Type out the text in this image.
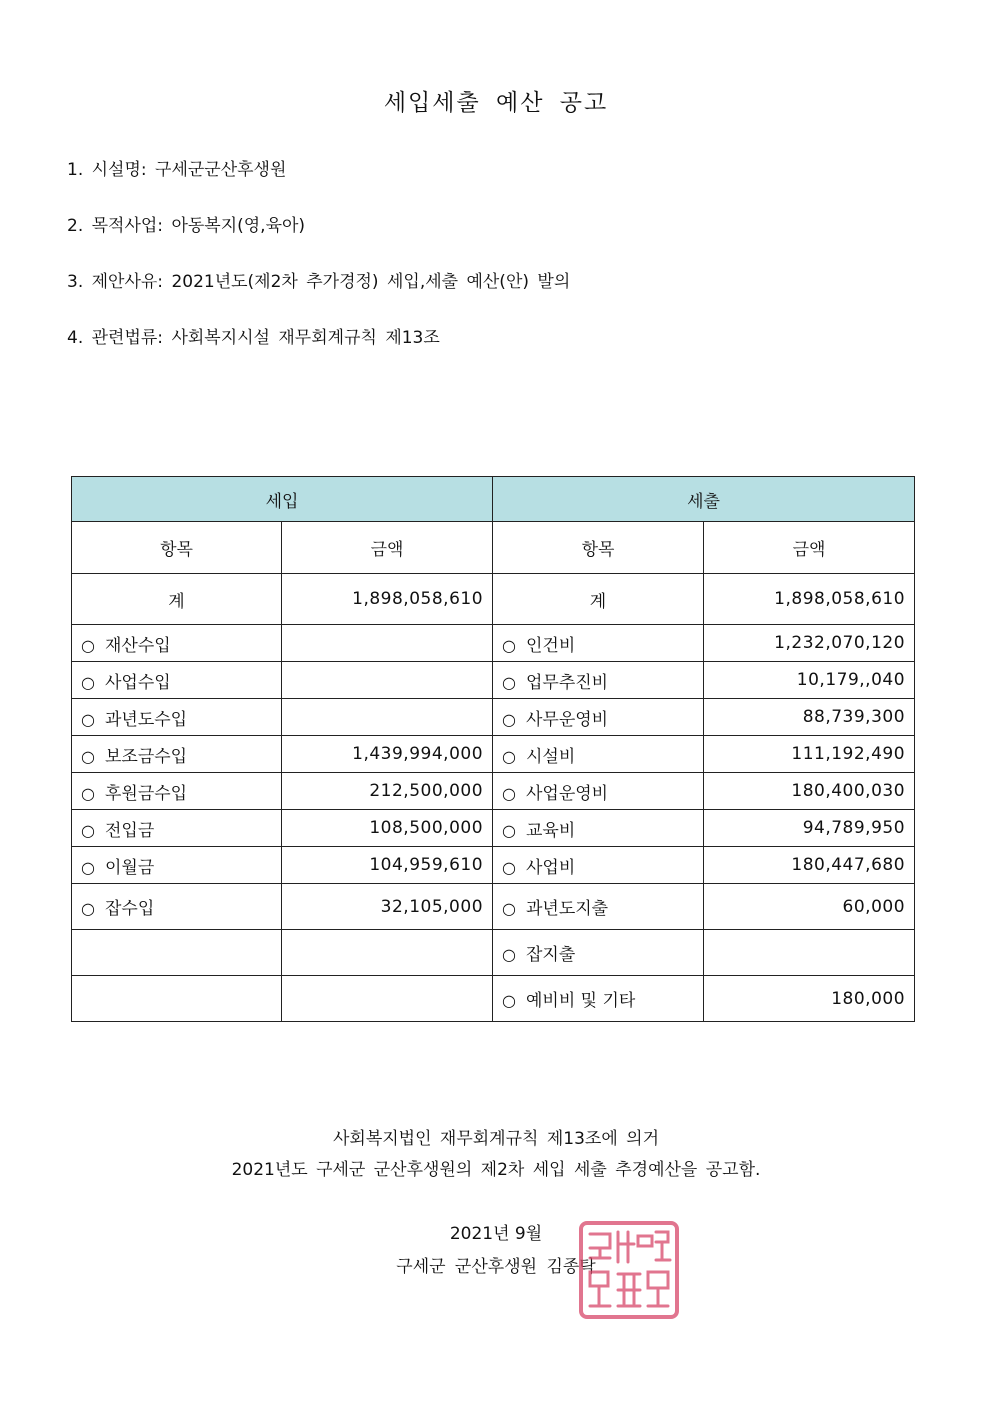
세입세출 예산 공고
1. 시설명: 구세군군산후생원
2. 목적사업: 아동복지(영,육아)
3. 제안사유: 2021년도(제2차 추가경정) 세입,세출 예산(안) 발의
4. 관련법류: 사회복지시설 재무회계규칙 제13조
세입		세출	
항목	금액	항목	금액
계	1,898,058,610	계	1,898,058,610
○ 재산수입		○ 인건비	1,232,070,120
○ 사업수입		○ 업무추진비	10,179,,040
○ 과년도수입		○ 사무운영비	88,739,300
○ 보조금수입	1,439,994,000	○ 시설비	111,192,490
○ 후원금수입	212,500,000	○ 사업운영비	180,400,030
○ 전입금	108,500,000	○ 교육비	94,789,950
○ 이월금	104,959,610	○ 사업비	180,447,680
○ 잡수입	32,105,000	○ 과년도지출	60,000
		○ 잡지출	
		○ 예비비 및 기타	180,000
사회복지법인 재무회계규칙 제13조에 의거
2021년도 구세군 군산후생원의 제2차 세입 세출 추경예산을 공고함.
2021년 9월
구세군 군산후생원 김종탁
